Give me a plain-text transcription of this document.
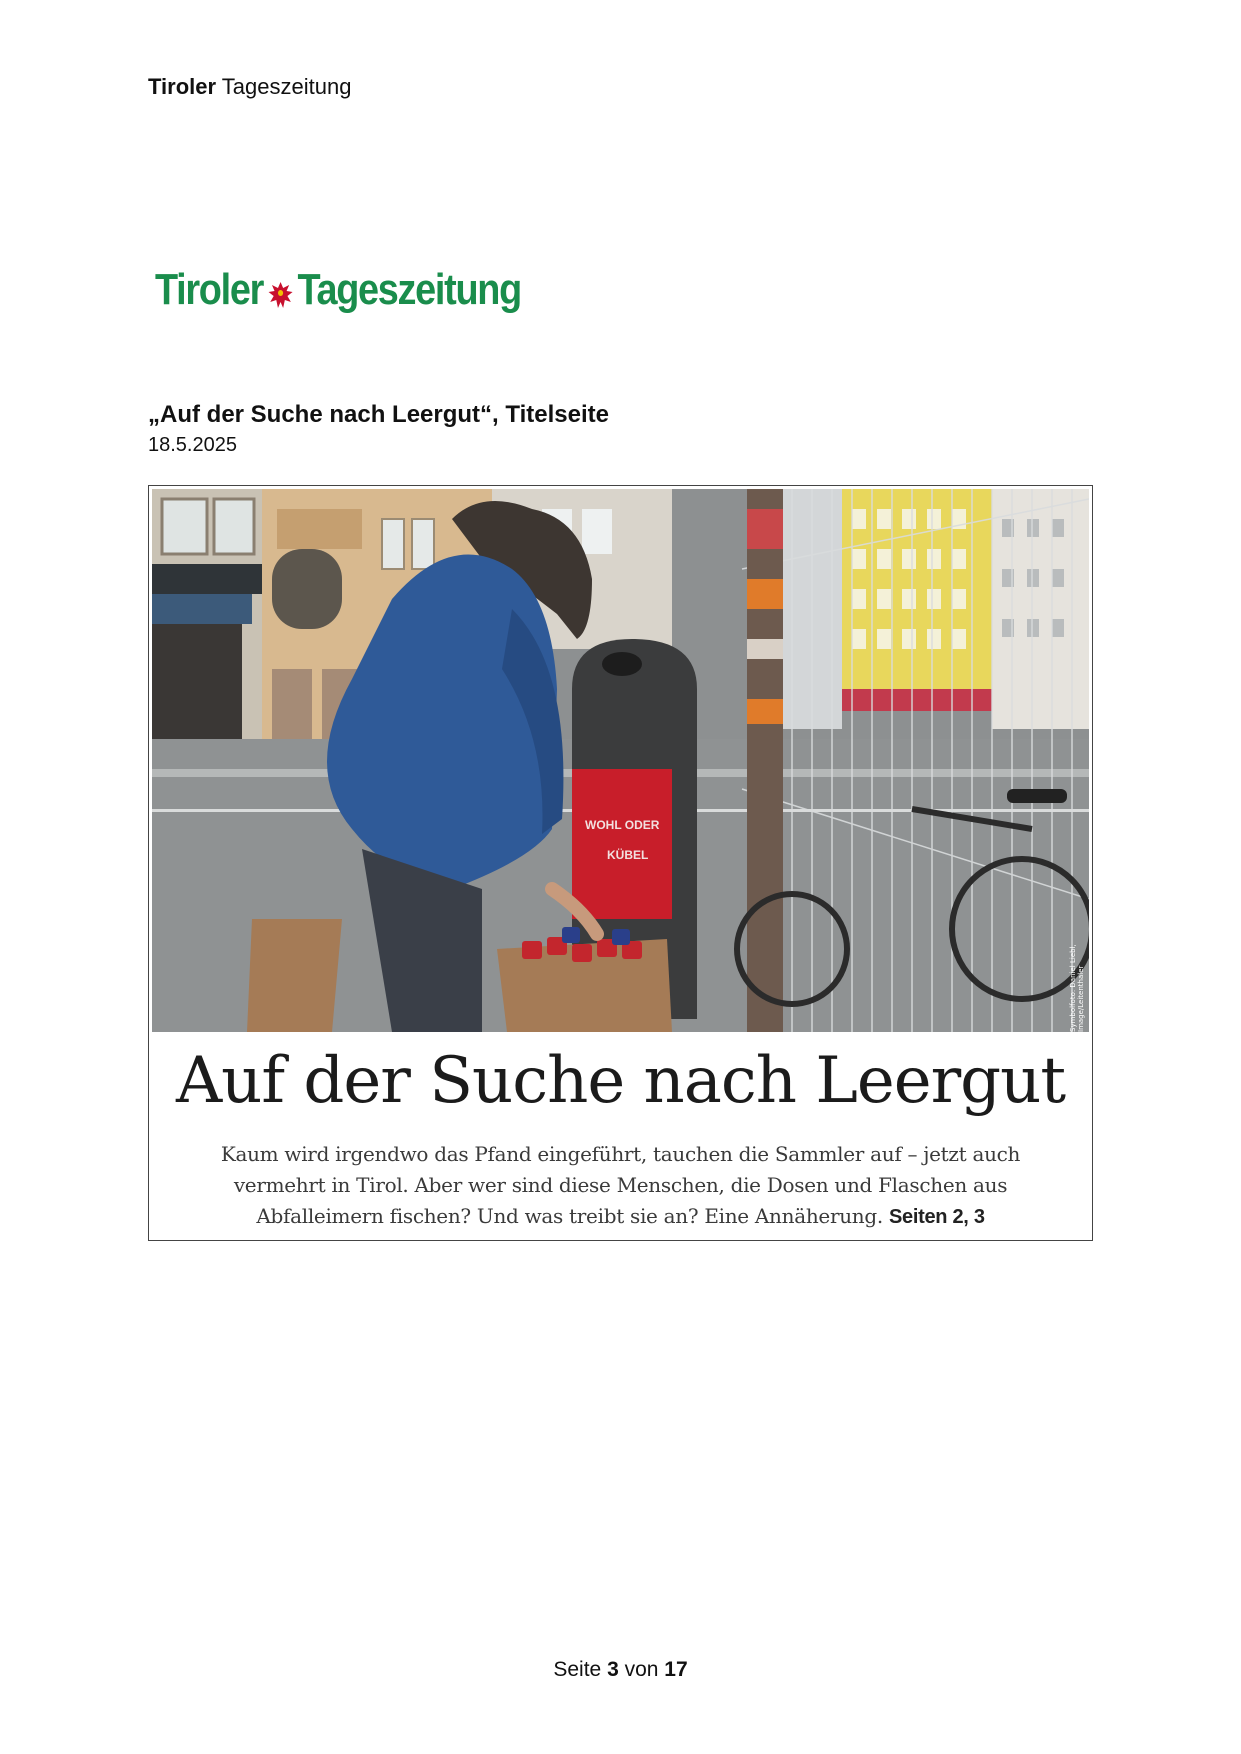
Tiroler Tageszeitung
Tiroler Tageszeitung
„Auf der Suche nach Leergut“, Titelseite
18.5.2025
WOHL ODER
KÜBEL
Symbolfoto: Daniel Liebl, Image/Leitenthaler
Auf der Suche nach Leergut
Kaum wird irgendwo das Pfand eingeführt, tauchen die Sammler auf – jetzt auch
vermehrt in Tirol. Aber wer sind diese Menschen, die Dosen und Flaschen aus
Abfalleimern fischen? Und was treibt sie an? Eine Annäherung. Seiten 2, 3
Seite 3 von 17
